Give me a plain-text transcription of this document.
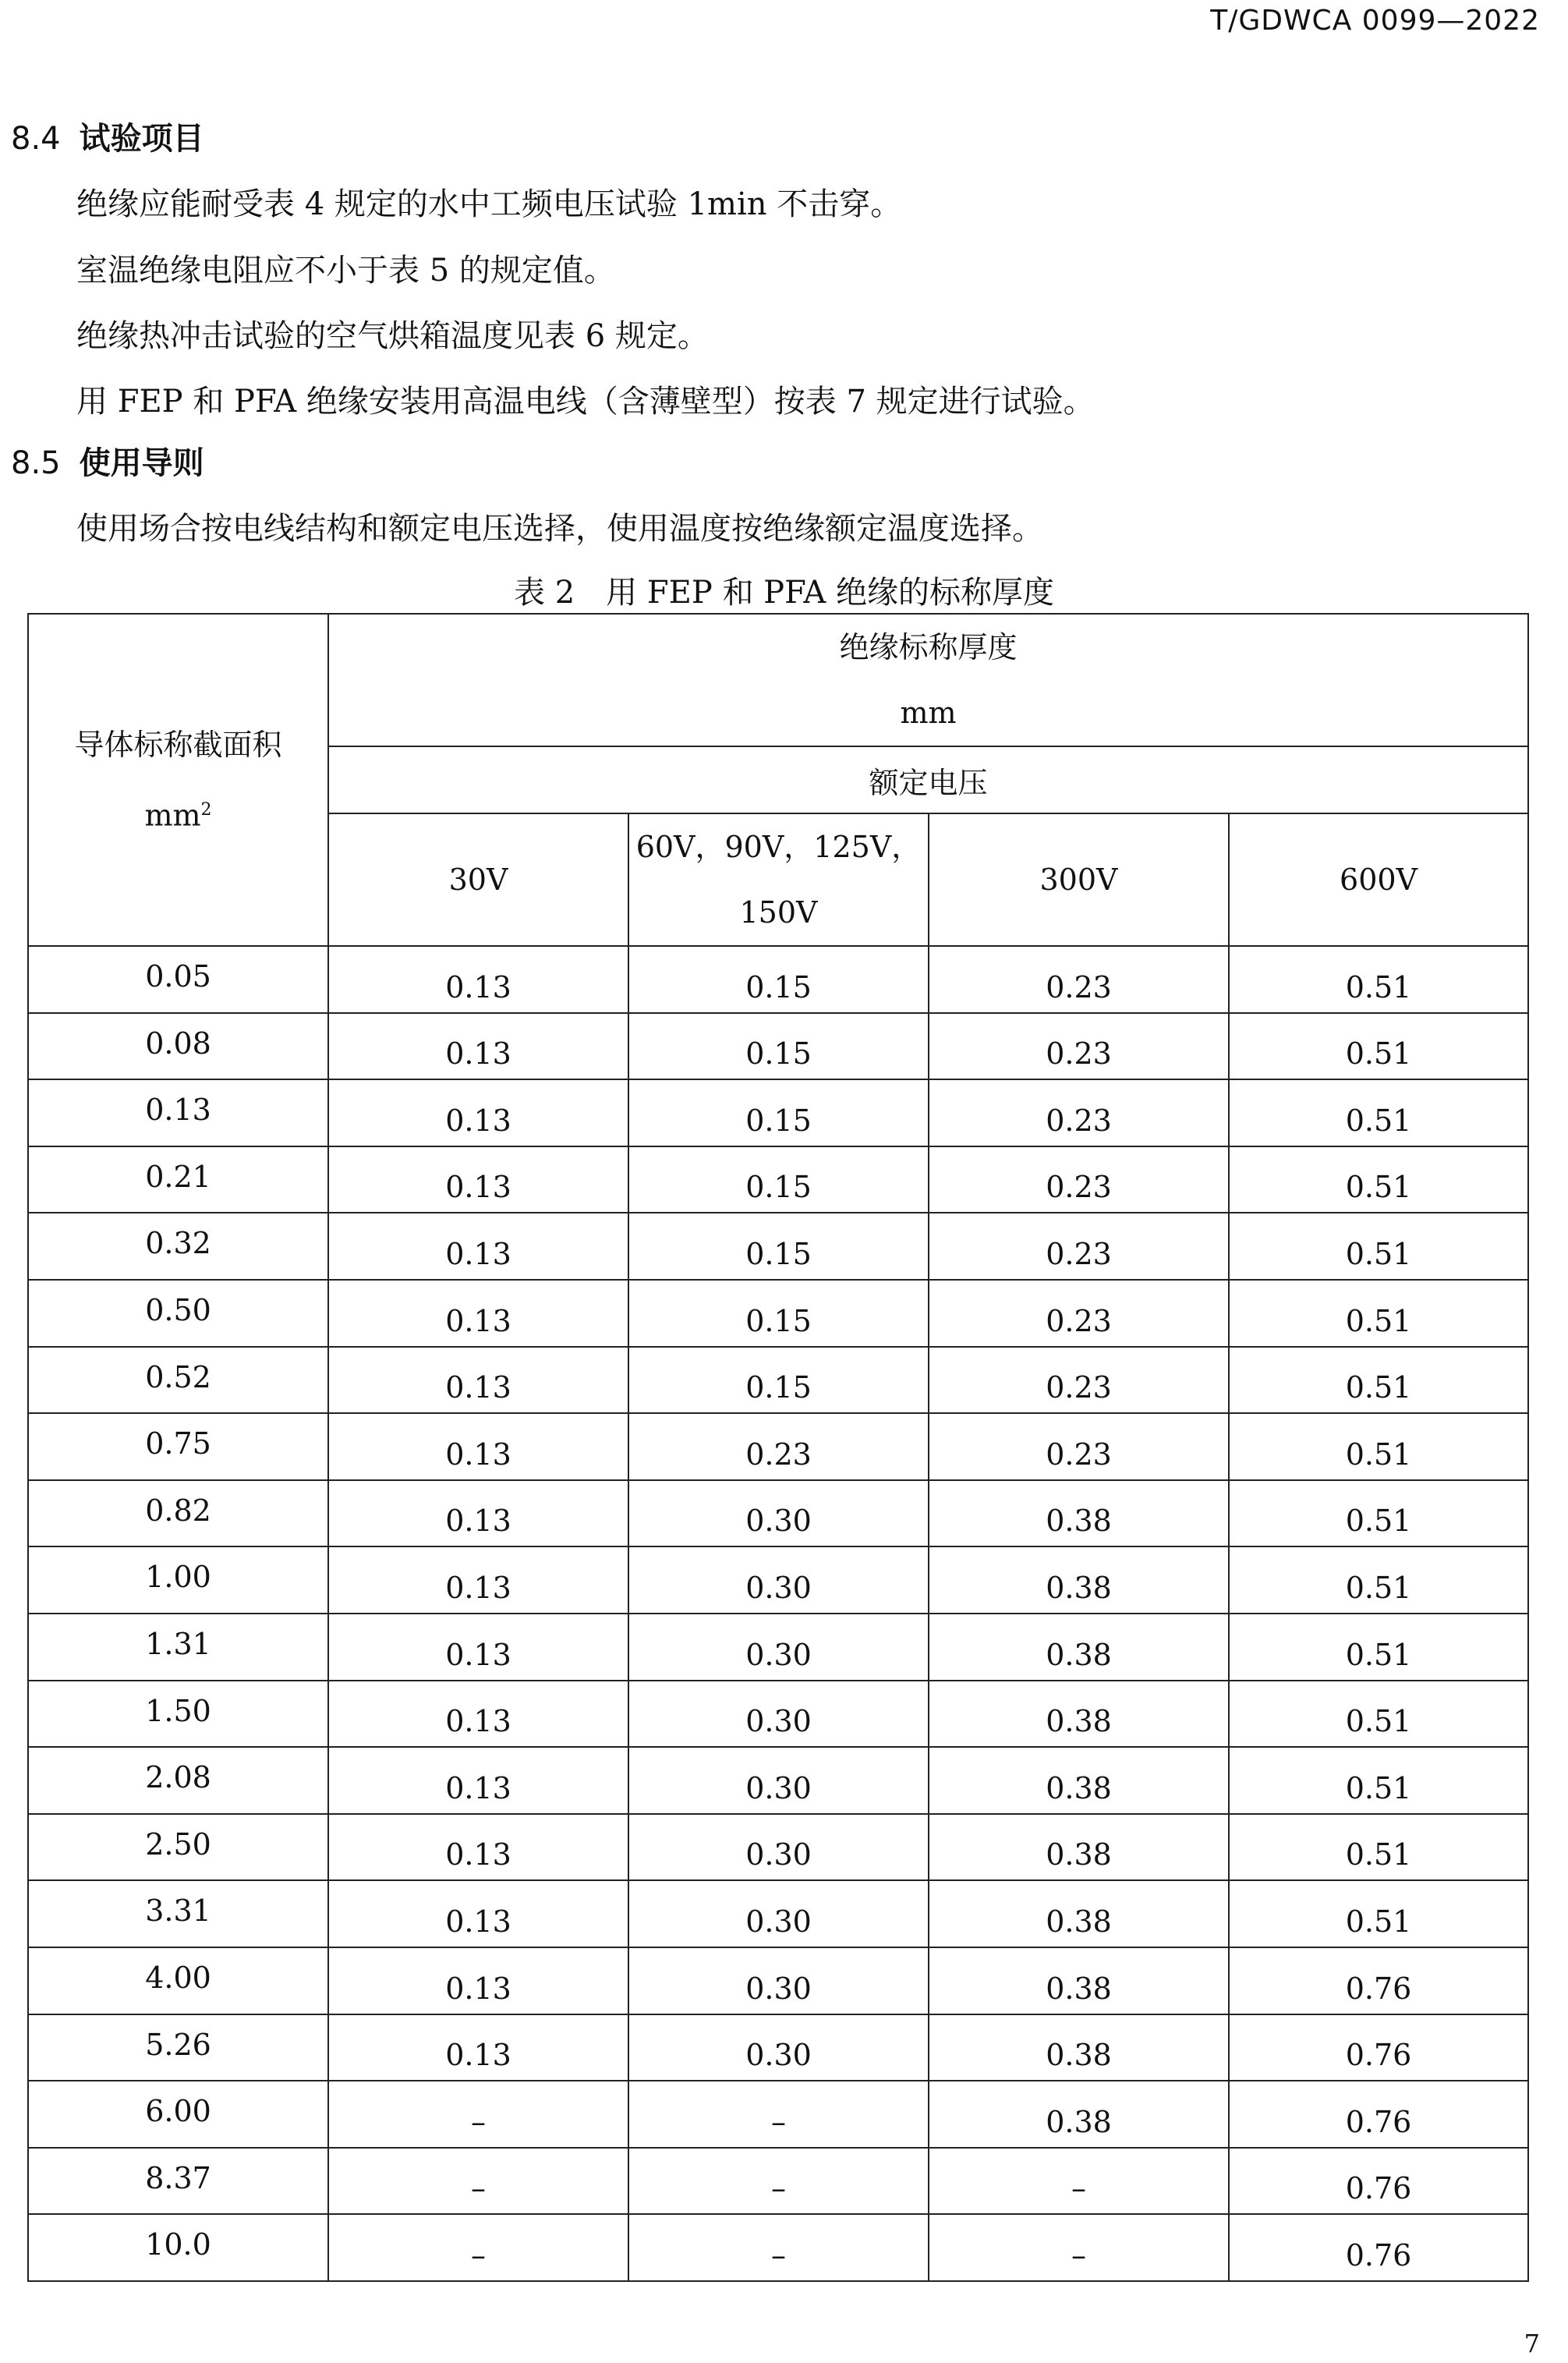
T/GDWCA 0099—2022
8.4 试验项目
绝缘应能耐受表 4 规定的水中工频电压试验 1min 不击穿。
室温绝缘电阻应不小于表 5 的规定值。
绝缘热冲击试验的空气烘箱温度见表 6 规定。
用 FEP 和 PFA 绝缘安装用高温电线（含薄壁型）按表 7 规定进行试验。
8.5 使用导则
使用场合按电线结构和额定电压选择，使用温度按绝缘额定温度选择。
表 2 用 FEP 和 PFA 绝缘的标称厚度
导体标称截面积
$mm^2$	绝缘标称厚度
mm			

	额定电压			
	30V	60V，90V，125V，
150V	300V	600V
0.05	0.13	0.15	0.23	0.51
0.08	0.13	0.15	0.23	0.51
0.13	0.13	0.15	0.23	0.51
0.21	0.13	0.15	0.23	0.51
0.32	0.13	0.15	0.23	0.51
0.50	0.13	0.15	0.23	0.51
0.52	0.13	0.15	0.23	0.51
0.75	0.13	0.23	0.23	0.51
0.82	0.13	0.30	0.38	0.51
1.00	0.13	0.30	0.38	0.51
1.31	0.13	0.30	0.38	0.51
1.50	0.13	0.30	0.38	0.51
2.08	0.13	0.30	0.38	0.51
2.50	0.13	0.30	0.38	0.51
3.31	0.13	0.30	0.38	0.51
4.00	0.13	0.30	0.38	0.76
5.26	0.13	0.30	0.38	0.76
6.00	–	–	0.38	0.76
8.37	–	–	–	0.76
10.0	–	–	–	0.76
7
